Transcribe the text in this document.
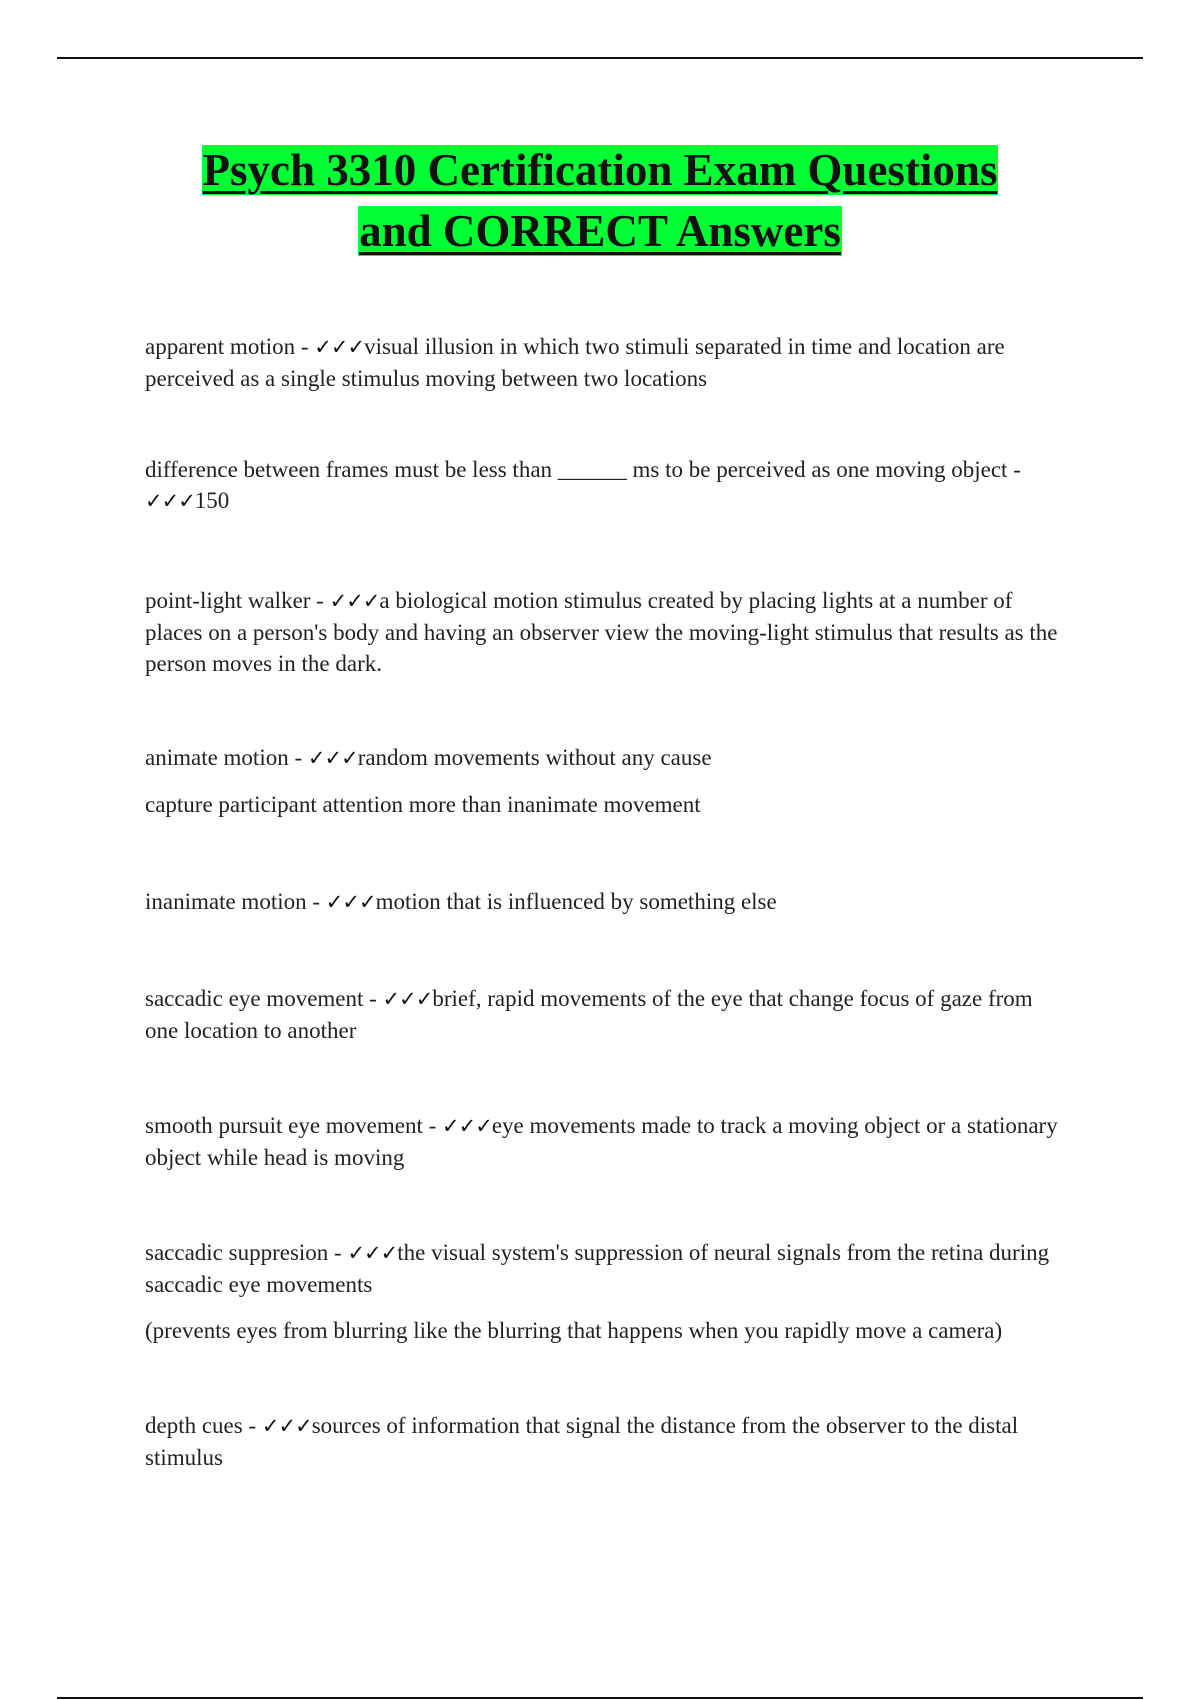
Psych 3310 Certification Exam Questions
and CORRECT Answers

apparent motion - ✓✓✓visual illusion in which two stimuli separated in time and location are perceived as a single stimulus moving between two locations

difference between frames must be less than ______ ms to be perceived as one moving object - ✓✓✓150

point-light walker - ✓✓✓a biological motion stimulus created by placing lights at a number of places on a person's body and having an observer view the moving-light stimulus that results as the person moves in the dark.

animate motion - ✓✓✓random movements without any cause

capture participant attention more than inanimate movement

inanimate motion - ✓✓✓motion that is influenced by something else

saccadic eye movement - ✓✓✓brief, rapid movements of the eye that change focus of gaze from one location to another

smooth pursuit eye movement - ✓✓✓eye movements made to track a moving object or a stationary object while head is moving

saccadic suppresion - ✓✓✓the visual system's suppression of neural signals from the retina during saccadic eye movements

(prevents eyes from blurring like the blurring that happens when you rapidly move a camera)

depth cues - ✓✓✓sources of information that signal the distance from the observer to the distal stimulus
